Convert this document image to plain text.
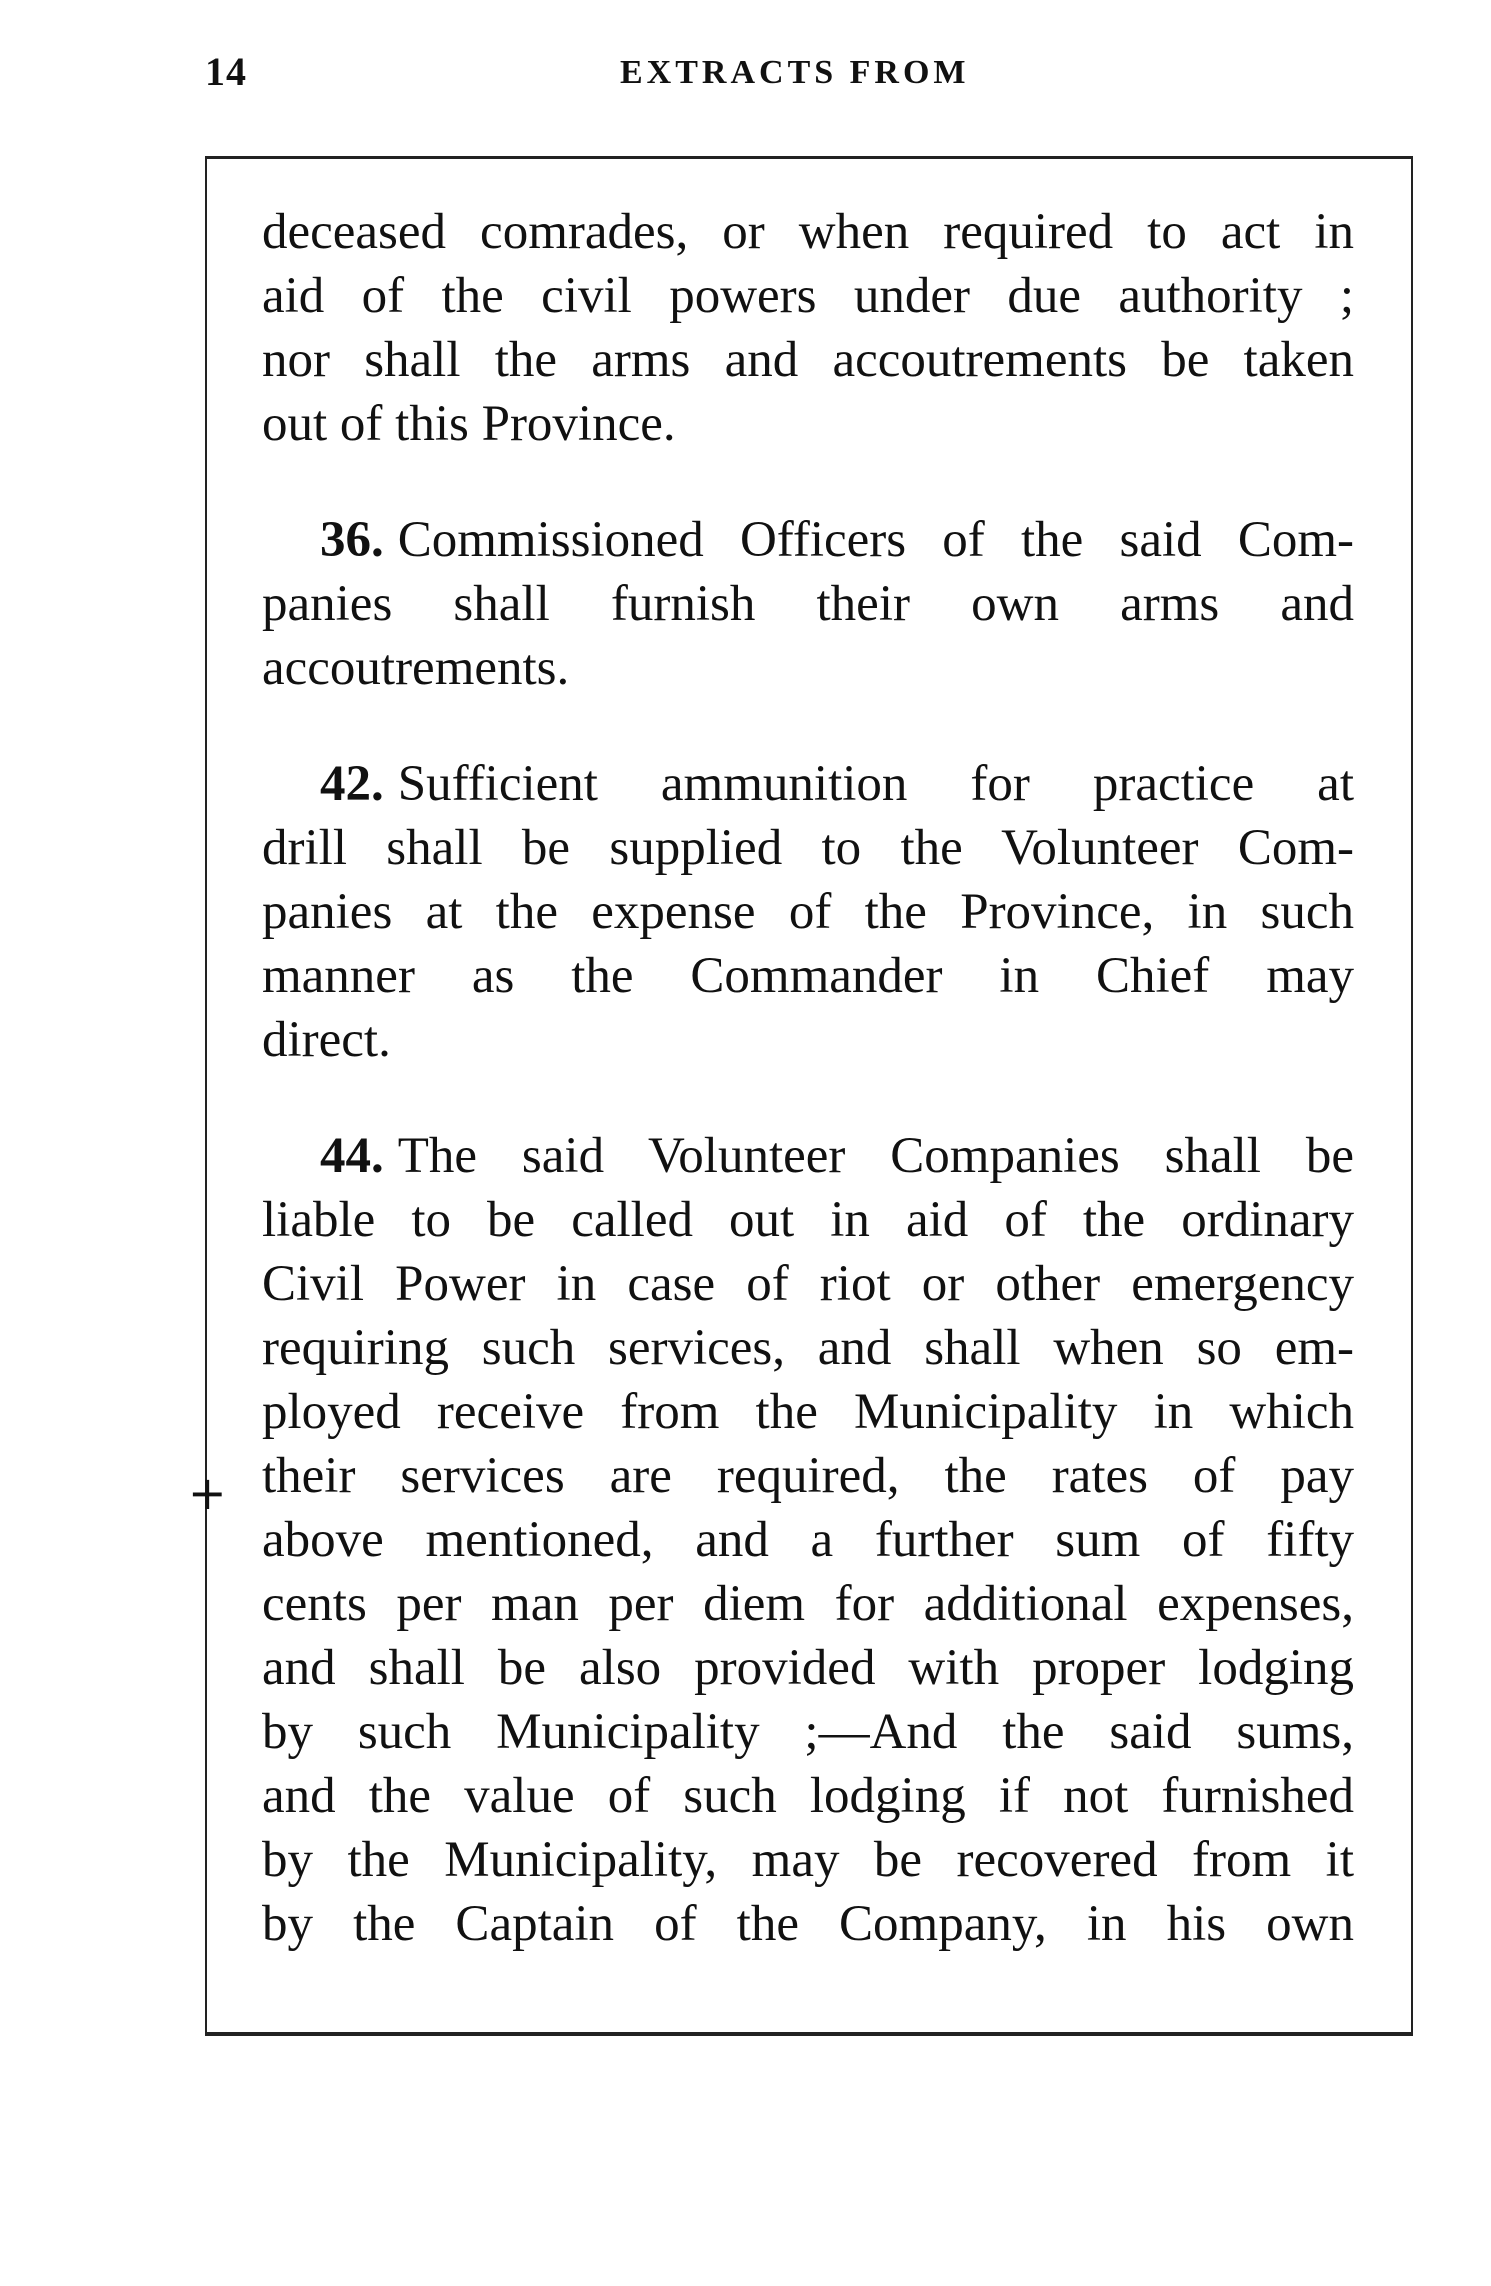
14	EXTRACTS FROM
+
deceased comrades, or when required to act in
aid of the civil powers under due authority ;
nor shall the arms and accoutrements be taken
out of this Province.
36. Commissioned Officers of the said Com-
panies shall furnish their own arms and
accoutrements.
42. Sufficient ammunition for practice at
drill shall be supplied to the Volunteer Com-
panies at the expense of the Province, in such
manner as the Commander in Chief may
direct.
44. The said Volunteer Companies shall be
liable to be called out in aid of the ordinary
Civil Power in case of riot or other emergency
requiring such services, and shall when so em-
ployed receive from the Municipality in which
their services are required, the rates of pay
above mentioned, and a further sum of fifty
cents per man per diem for additional expenses,
and shall be also provided with proper lodging
by such Municipality ;—And the said sums,
and the value of such lodging if not furnished
by the Municipality, may be recovered from it
by the Captain of the Company, in his own
